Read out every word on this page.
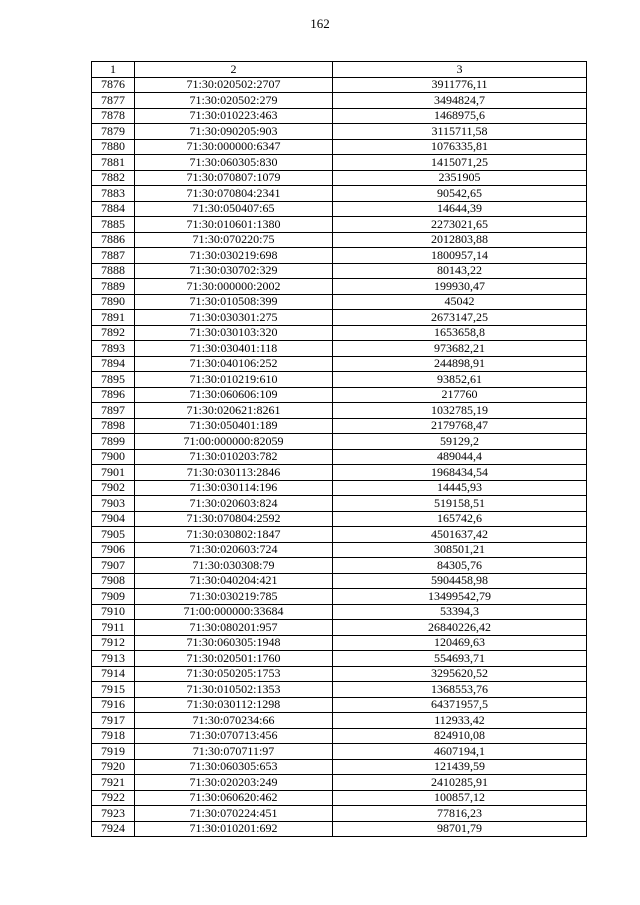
162
1	2	3
7876	71:30:020502:2707	3911776,11
7877	71:30:020502:279	3494824,7
7878	71:30:010223:463	1468975,6
7879	71:30:090205:903	3115711,58
7880	71:30:000000:6347	1076335,81
7881	71:30:060305:830	1415071,25
7882	71:30:070807:1079	2351905
7883	71:30:070804:2341	90542,65
7884	71:30:050407:65	14644,39
7885	71:30:010601:1380	2273021,65
7886	71:30:070220:75	2012803,88
7887	71:30:030219:698	1800957,14
7888	71:30:030702:329	80143,22
7889	71:30:000000:2002	199930,47
7890	71:30:010508:399	45042
7891	71:30:030301:275	2673147,25
7892	71:30:030103:320	1653658,8
7893	71:30:030401:118	973682,21
7894	71:30:040106:252	244898,91
7895	71:30:010219:610	93852,61
7896	71:30:060606:109	217760
7897	71:30:020621:8261	1032785,19
7898	71:30:050401:189	2179768,47
7899	71:00:000000:82059	59129,2
7900	71:30:010203:782	489044,4
7901	71:30:030113:2846	1968434,54
7902	71:30:030114:196	14445,93
7903	71:30:020603:824	519158,51
7904	71:30:070804:2592	165742,6
7905	71:30:030802:1847	4501637,42
7906	71:30:020603:724	308501,21
7907	71:30:030308:79	84305,76
7908	71:30:040204:421	5904458,98
7909	71:30:030219:785	13499542,79
7910	71:00:000000:33684	53394,3
7911	71:30:080201:957	26840226,42
7912	71:30:060305:1948	120469,63
7913	71:30:020501:1760	554693,71
7914	71:30:050205:1753	3295620,52
7915	71:30:010502:1353	1368553,76
7916	71:30:030112:1298	64371957,5
7917	71:30:070234:66	112933,42
7918	71:30:070713:456	824910,08
7919	71:30:070711:97	4607194,1
7920	71:30:060305:653	121439,59
7921	71:30:020203:249	2410285,91
7922	71:30:060620:462	100857,12
7923	71:30:070224:451	77816,23
7924	71:30:010201:692	98701,79
